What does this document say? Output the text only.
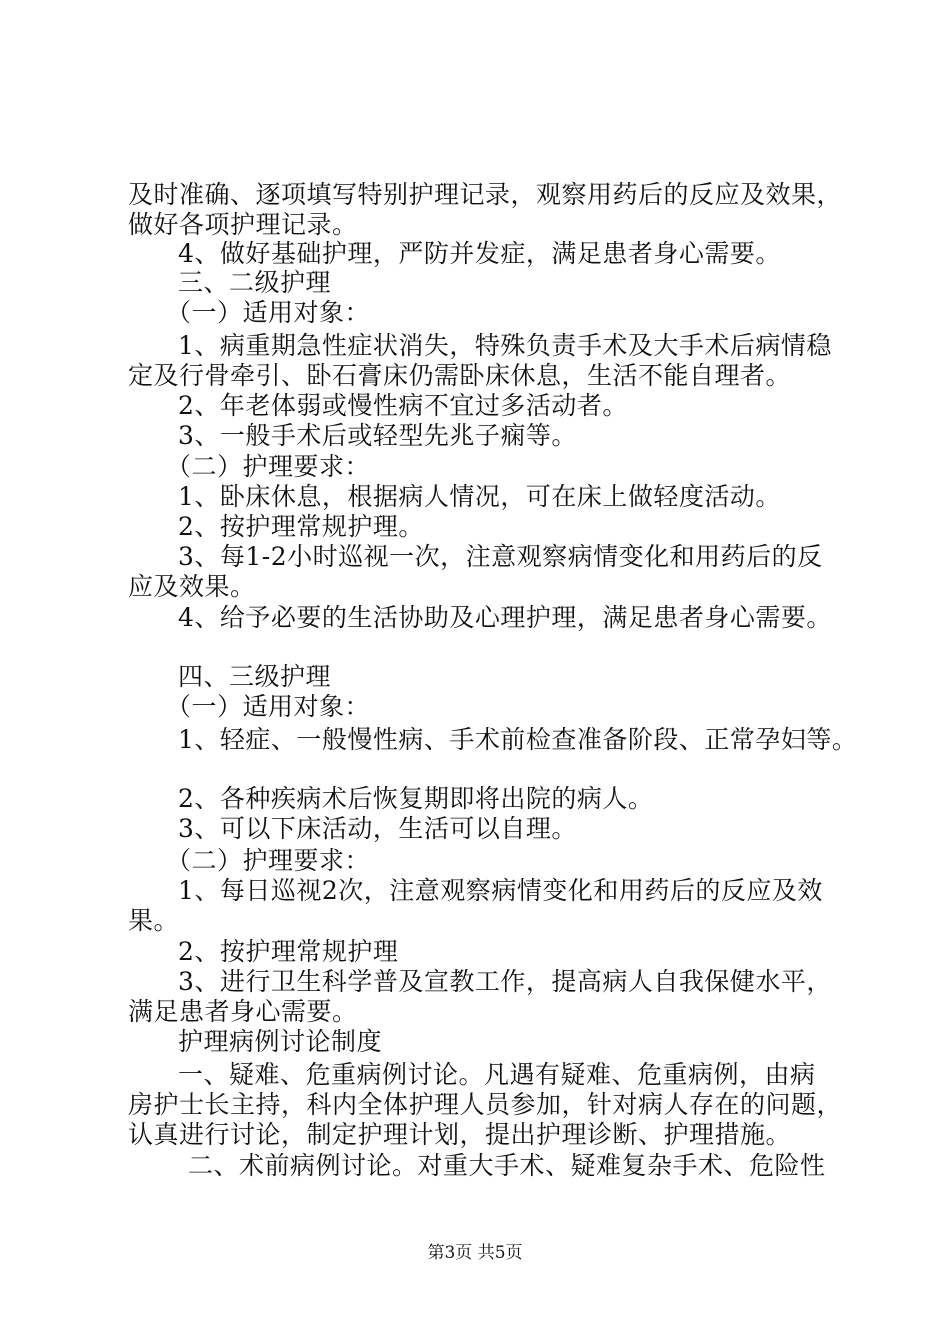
及时准确、逐项填写特别护理记录，观察用药后的反应及效果，
做好各项护理记录。
4、做好基础护理，严防并发症，满足患者身心需要。
三、二级护理
（一）适用对象：
1、病重期急性症状消失，特殊负责手术及大手术后病情稳
定及行骨牵引、卧石膏床仍需卧床休息，生活不能自理者。
2、年老体弱或慢性病不宜过多活动者。
3、一般手术后或轻型先兆子痫等。
（二）护理要求：
1、卧床休息，根据病人情况，可在床上做轻度活动。
2、按护理常规护理。
3、每1-2小时巡视一次，注意观察病情变化和用药后的反
应及效果。
4、给予必要的生活协助及心理护理，满足患者身心需要。
四、三级护理
（一）适用对象：
1、轻症、一般慢性病、手术前检查准备阶段、正常孕妇等。
2、各种疾病术后恢复期即将出院的病人。
3、可以下床活动，生活可以自理。
（二）护理要求：
1、每日巡视2次，注意观察病情变化和用药后的反应及效
果。
2、按护理常规护理
3、进行卫生科学普及宣教工作，提高病人自我保健水平，
满足患者身心需要。
护理病例讨论制度
一、疑难、危重病例讨论。凡遇有疑难、危重病例，由病
房护士长主持，科内全体护理人员参加，针对病人存在的问题，
认真进行讨论，制定护理计划，提出护理诊断、护理措施。
二、术前病例讨论。对重大手术、疑难复杂手术、危险性
第3页 共5页
